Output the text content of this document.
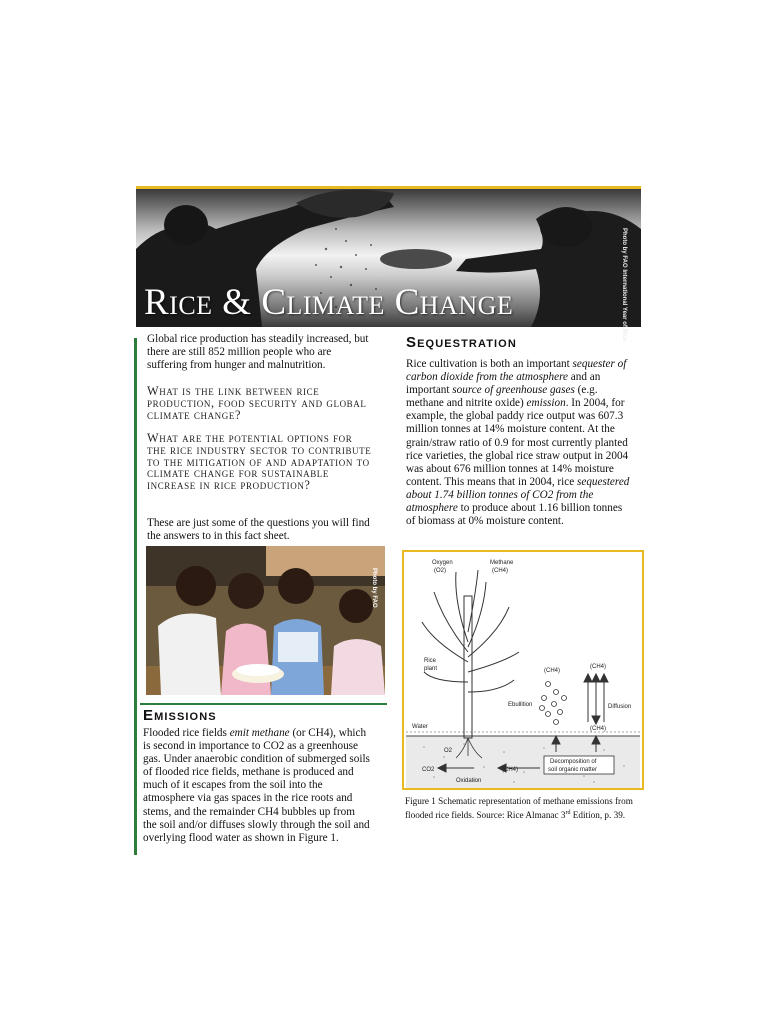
Rice & Climate Change	Photo by FAO International Year of Rice
Global rice production has steadily increased, but there are still 852 million people who are suffering from hunger and malnutrition.
What is the link between rice production, food security and global climate change?
What are the potential options for the rice industry sector to contribute to the mitigation of and adaptation to climate change for sustainable increase in rice production?
These are just some of the questions you will find the answers to in this fact sheet.
Photo by FAO
Emissions
Flooded rice fields emit methane (or CH4), which is second in importance to CO2 as a greenhouse gas. Under anaerobic condition of submerged soils of flooded rice fields, methane is produced and much of it escapes from the soil into the atmosphere via gas spaces in the rice roots and stems, and the remainder CH4 bubbles up from the soil and/or diffuses slowly through the soil and overlying flood water as shown in Figure 1.
Sequestration
Rice cultivation is both an important sequester of carbon dioxide from the atmosphere and an important source of greenhouse gases (e.g. methane and nitrite oxide) emission. In 2004, for example, the global paddy rice output was 607.3 million tonnes at 14% moisture content. At the grain/straw ratio of 0.9 for most currently planted rice varieties, the global rice straw output in 2004 was about 676 million tonnes at 14% moisture content. This means that in 2004, rice sequestered about 1.74 billion tonnes of CO2 from the atmosphere to produce about 1.16 billion tonnes of biomass at 0% moisture content.
Oxygen
(O2)
Methane
(CH4)
Rice
plant	(CH4)
(CH4)
Ebullition	Diffusion
(CH4)
Water
O2
CO2	(CH4)
Oxidation
Decomposition of
soil organic matter
Figure 1 Schematic representation of methane emissions from flooded rice fields. Source: Rice Almanac 3rd Edition, p. 39.
